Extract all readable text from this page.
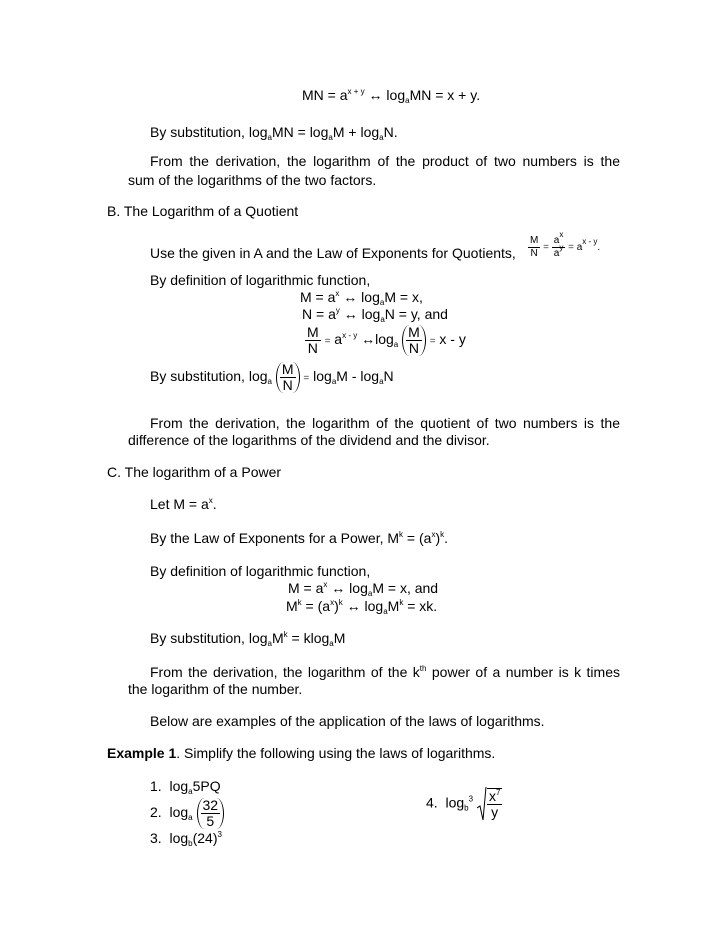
MN = $a^{x + y}$ ↔ $\log_aMN = x + y$.
By substitution, $\log_aMN = \log_aM + \log_aN$.
From the derivation, the logarithm of the product of two numbers is the
sum of the logarithms of the two factors.
B. The Logarithm of a Quotient
Use the given in A and the Law of Exponents for Quotients, $\frac{M}{N} = \frac{a^x}{a^y} = a^{x - y}$.
By definition of logarithmic function,
$M = a^x$ ↔ $\log_aM = x$,
$N = a^y$ ↔ $\log_aN = y$, and
$\frac{M}{N} = a^{x - y}$ $\leftrightarrow\log_a \frac{M}{N} = x - y$
By substitution, $\log_a \frac{M}{N} = \log_aM - \log_aN$
From the derivation, the logarithm of the quotient of two numbers is the
difference of the logarithms of the dividend and the divisor.
C. The logarithm of a Power
Let $M = a^x$.
By the Law of Exponents for a Power, $M^k = (a^x)^k$.
By definition of logarithmic function,
$M = a^x$ ↔ $\log_aM = x$, and
$M^k = (a^x)^k$ ↔ $\log_aM^k$ = xk.
By substitution, $\log_aM^k = klog_aM$
From the derivation, the logarithm of the $k^{th}$ power of a number is k times
the logarithm of the number.
Below are examples of the application of the laws of logarithms.
Example 1. Simplify the following using the laws of logarithms.
1. $\log_a5PQ$
2. $\log_a \frac{32}{5}$
3. $\log_b(24)^3$
4. $\log_b^3 \frac{x^7}{y}$
